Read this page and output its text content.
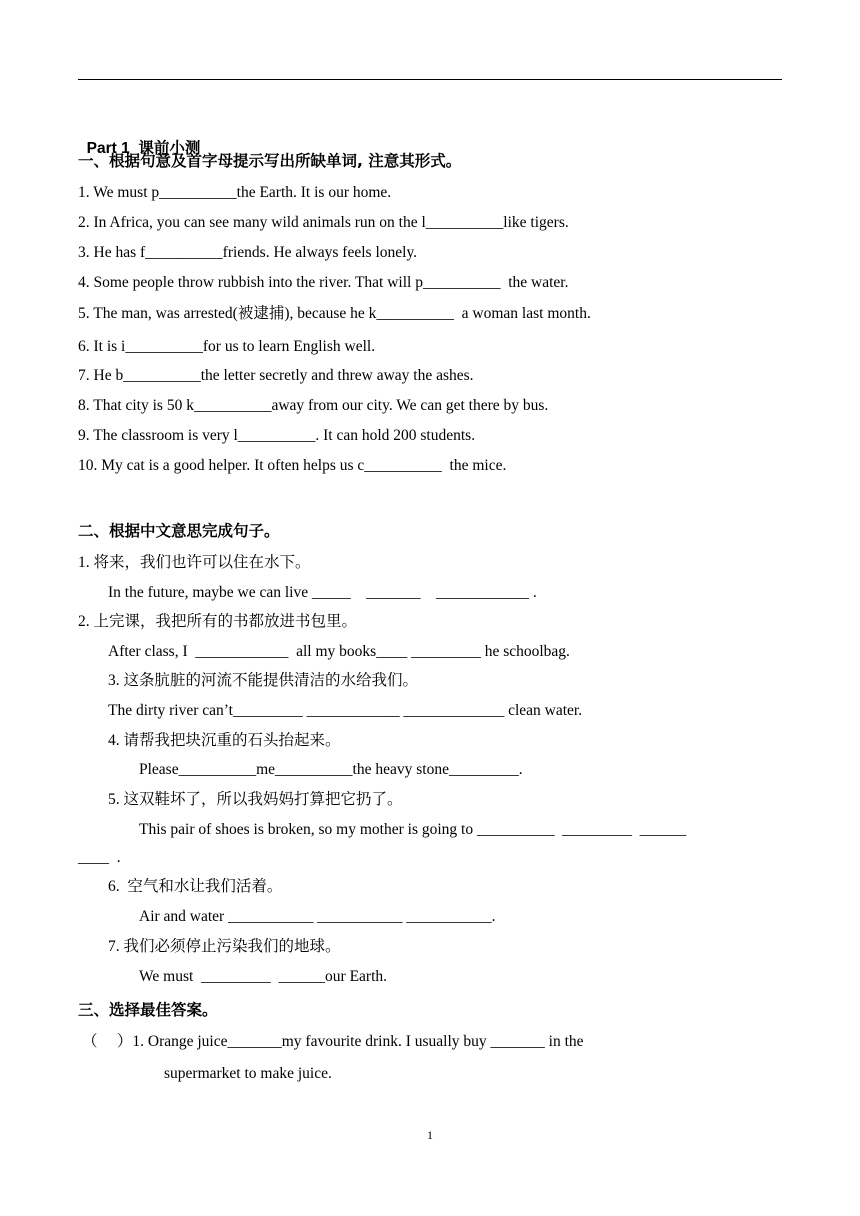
Part 1 课前小测

一、根据句意及首字母提示写出所缺单词, 注意其形式。
1. We must p__________the Earth. It is our home.
2. In Africa, you can see many wild animals run on the l__________like tigers.
3. He has f__________friends. He always feels lonely.
4. Some people throw rubbish into the river. That will p__________  the water.
5. The man, was arrested(被逮捕), because he k__________  a woman last month.
6. It is i__________for us to learn English well.
7. He b__________the letter secretly and threw away the ashes.
8. That city is 50 k__________away from our city. We can get there by bus.
9. The classroom is very l__________. It can hold 200 students.
10. My cat is a good helper. It often helps us c__________  the mice.
二、根据中文意思完成句子。
1. 将来，我们也许可以住在水下。
In the future, maybe we can live _____    _______    ____________ .
2. 上完课，我把所有的书都放进书包里。
After class, I  ____________  all my books____ _________ he schoolbag.
3. 这条肮脏的河流不能提供清洁的水给我们。
The dirty river can’t_________ ____________ _____________ clean water.
4. 请帮我把块沉重的石头抬起来。
Please__________me__________the heavy stone_________.
5. 这双鞋坏了，所以我妈妈打算把它扔了。
This pair of shoes is broken, so my mother is going to __________  _________  ______
____  .
6.  空气和水让我们活着。
Air and water ___________ ___________ ___________.
7. 我们必须停止污染我们的地球。
We must  _________  ______our Earth.
三、选择最佳答案。
（     ）1. Orange juice_______my favourite drink. I usually buy _______ in the
supermarket to make juice.
1
